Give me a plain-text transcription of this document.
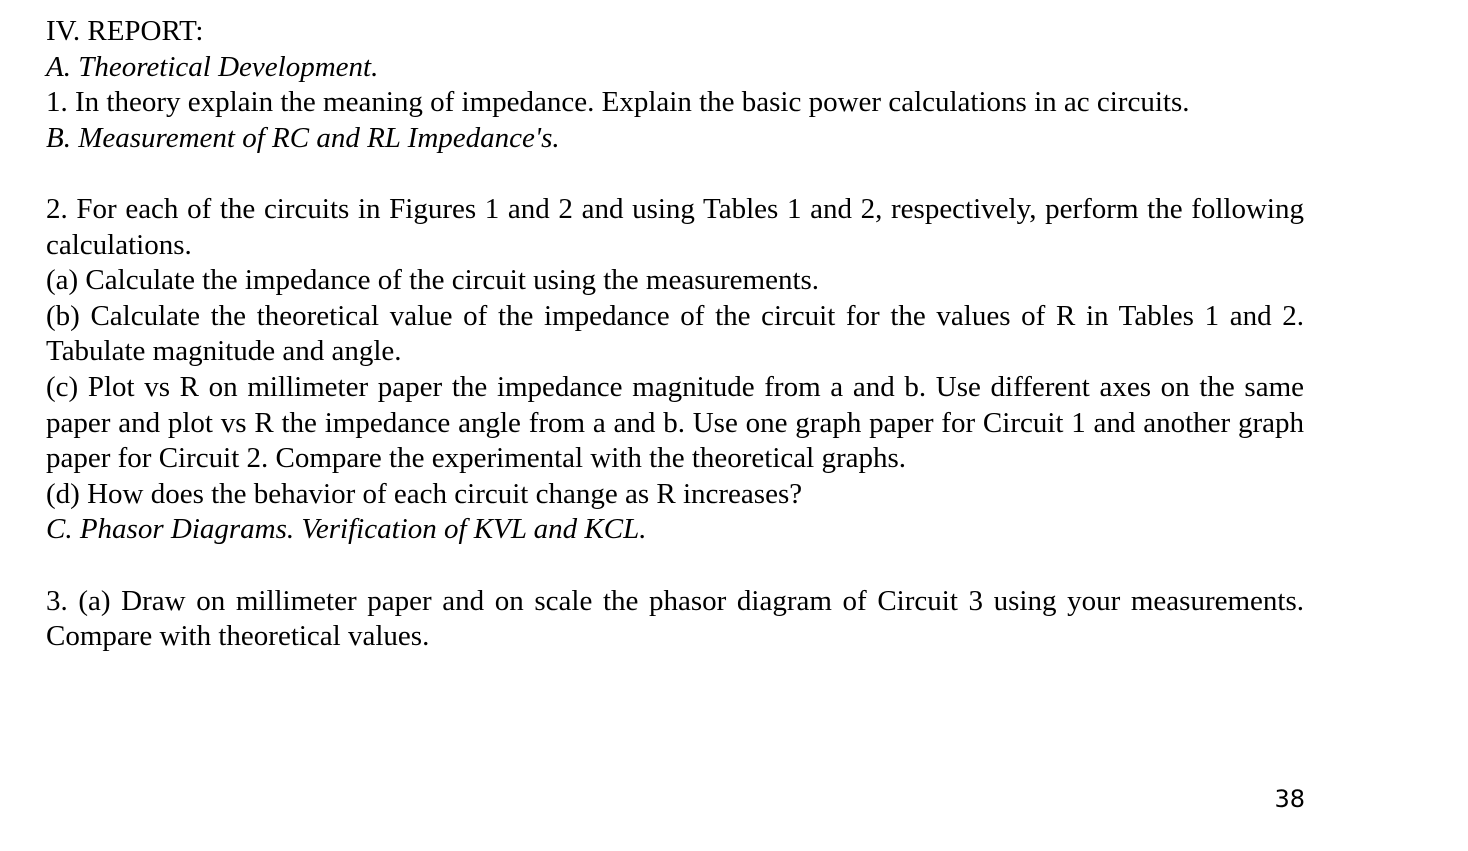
IV. REPORT:

A. Theoretical Development.

1. In theory explain the meaning of impedance. Explain the basic power calculations in ac circuits.

B. Measurement of RC and RL Impedance's.

2. For each of the circuits in Figures 1 and 2 and using Tables 1 and 2, respectively, perform the following calculations.

(a) Calculate the impedance of the circuit using the measurements.

(b) Calculate the theoretical value of the impedance of the circuit for the values of R in Tables 1 and 2. Tabulate magnitude and angle.

(c) Plot vs R on millimeter paper the impedance magnitude from a and b. Use different axes on the same paper and plot vs R the impedance angle from a and b. Use one graph paper for Circuit 1 and another graph paper for Circuit 2. Compare the experimental with the theoretical graphs.

(d) How does the behavior of each circuit change as R increases?

C. Phasor Diagrams. Verification of KVL and KCL.

3. (a) Draw on millimeter paper and on scale the phasor diagram of Circuit 3 using your measurements. Compare with theoretical values.

38
